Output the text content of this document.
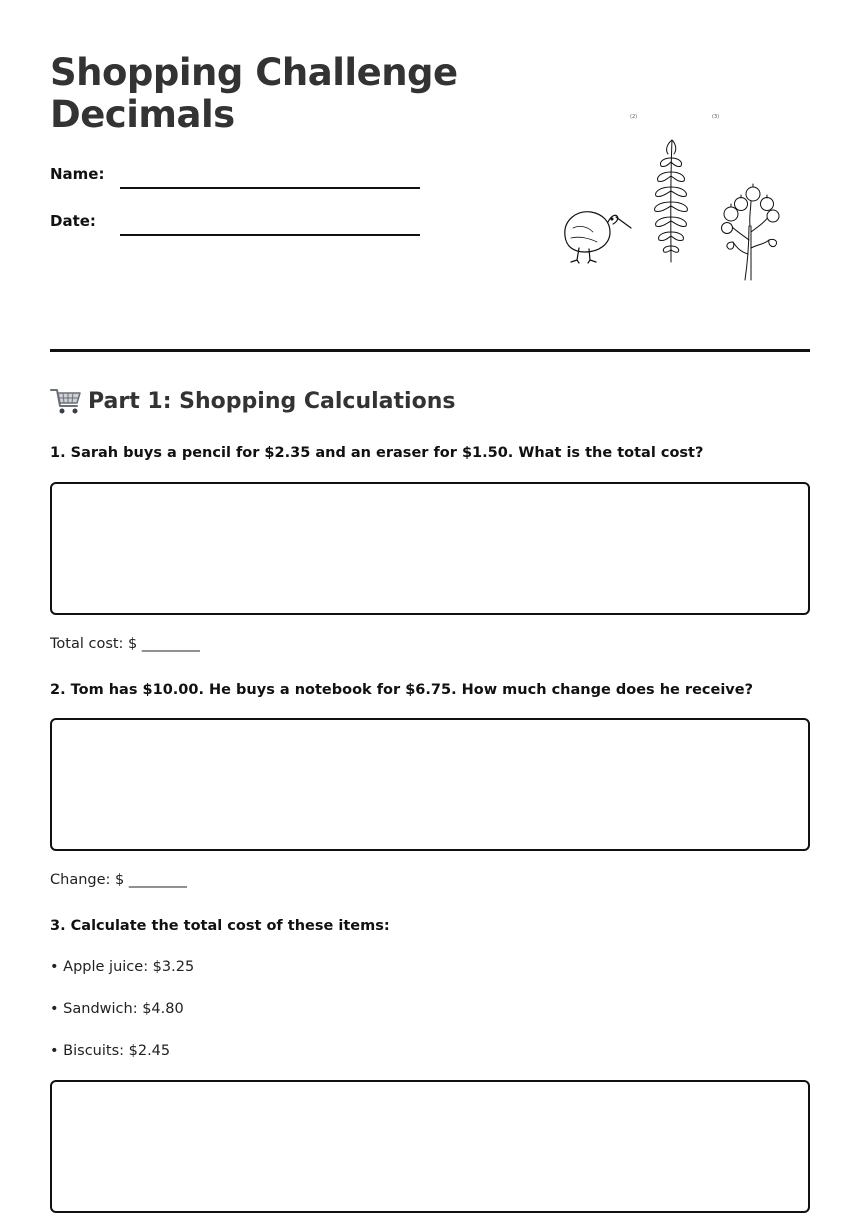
Shopping Challenge
Decimals
Name:
Date:
(2)	(3)
Part 1: Shopping Calculations

1. Sarah buys a pencil for $2.35 and an eraser for $1.50. What is the total cost?

Total cost: $ ________

2. Tom has $10.00. He buys a notebook for $6.75. How much change does he receive?

Change: $ ________

3. Calculate the total cost of these items:

• Apple juice: $3.25
• Sandwich: $4.80
• Biscuits: $2.45
